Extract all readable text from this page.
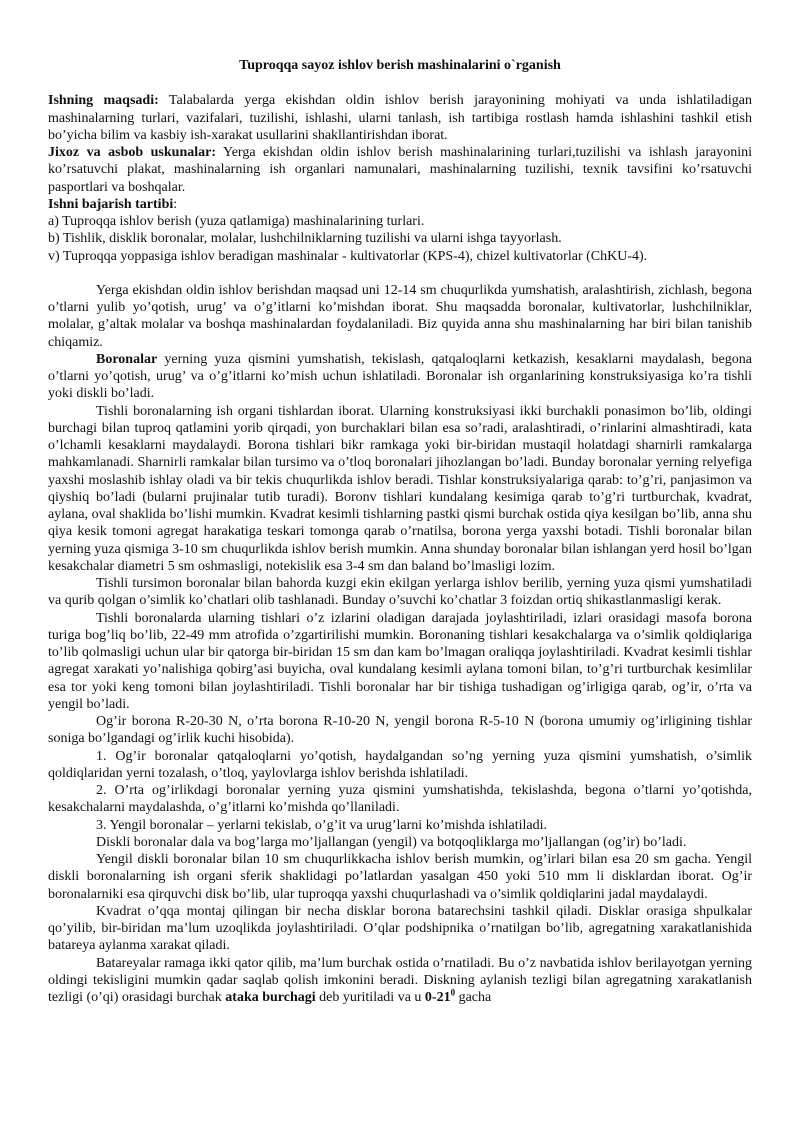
Tuproqqa sayoz ishlov berish mashinalarini o`rganish

Ishning maqsadi: Talabalarda yerga ekishdan oldin ishlov berish jarayonining mohiyati va unda ishlatiladigan mashinalarning turlari, vazifalari, tuzilishi, ishlashi, ularni tanlash, ish tartibiga rostlash hamda ishlashini tashkil etish bo’yicha bilim va kasbiy ish-xarakat usullarini shakllantirishdan iborat.

Jixoz va asbob uskunalar: Yerga ekishdan oldin ishlov berish mashinalarining turlari,tuzilishi va ishlash jarayonini ko’rsatuvchi plakat, mashinalarning ish organlari namunalari, mashinalarning tuzilishi, texnik tavsifini ko’rsatuvchi pasportlari va boshqalar.

Ishni bajarish tartibi:

a) Tuproqqa ishlov berish (yuza qatlamiga) mashinalarining turlari.
b) Tishlik, disklik boronalar, molalar, lushchilniklarning tuzilishi va ularni ishga tayyorlash.
v) Tuproqqa yoppasiga ishlov beradigan mashinalar - kultivatorlar (KPS-4), chizel kultivatorlar (ChKU-4).

Yerga ekishdan oldin ishlov berishdan maqsad uni 12-14 sm chuqurlikda yumshatish, aralashtirish, zichlash, begona o’tlarni yulib yo’qotish, urug’ va o’g’itlarni ko’mishdan iborat. Shu maqsadda boronalar, kultivatorlar, lushchilniklar, molalar, g’altak molalar va boshqa mashinalardan foydalaniladi. Biz quyida anna shu mashinalarning har biri bilan tanishib chiqamiz.

Boronalar yerning yuza qismini yumshatish, tekislash, qatqaloqlarni ketkazish, kesaklarni maydalash, begona o’tlarni yo’qotish, urug’ va o’g’itlarni ko’mish uchun ishlatiladi. Boronalar ish organlarining konstruksiyasiga ko’ra tishli yoki diskli bo’ladi.

Tishli boronalarning ish organi tishlardan iborat. Ularning konstruksiyasi ikki burchakli ponasimon bo’lib, oldingi burchagi bilan tuproq qatlamini yorib qirqadi, yon burchaklari bilan esa so’radi, aralashtiradi, o’rinlarini almashtiradi, kata o’lchamli kesaklarni maydalaydi. Borona tishlari bikr ramkaga yoki bir-biridan mustaqil holatdagi sharnirli ramkalarga mahkamlanadi. Sharnirli ramkalar bilan tursimo va o’tloq boronalari jihozlangan bo’ladi. Bunday boronalar yerning relyefiga yaxshi moslashib ishlay oladi va bir tekis chuqurlikda ishlov beradi. Tishlar konstruksiyalariga qarab: to’g’ri, panjasimon va qiyshiq bo’ladi (bularni prujinalar tutib turadi). Boronv tishlari kundalang kesimiga qarab to’g’ri turtburchak, kvadrat, aylana, oval shaklida bo’lishi mumkin. Kvadrat kesimli tishlarning pastki qismi burchak ostida qiya kesilgan bo’lib, anna shu qiya kesik tomoni agregat harakatiga teskari tomonga qarab o’rnatilsa, borona yerga yaxshi botadi. Tishli boronalar bilan yerning yuza qismiga 3-10 sm chuqurlikda ishlov berish mumkin. Anna shunday boronalar bilan ishlangan yerd hosil bo’lgan kesakchalar diametri 5 sm oshmasligi, notekislik esa 3-4 sm dan baland bo’lmasligi lozim.

Tishli tursimon boronalar bilan bahorda kuzgi ekin ekilgan yerlarga ishlov berilib, yerning yuza qismi yumshatiladi va qurib qolgan o’simlik ko’chatlari olib tashlanadi. Bunday o’suvchi ko’chatlar 3 foizdan ortiq shikastlanmasligi kerak.

Tishli boronalarda ularning tishlari o’z izlarini oladigan darajada joylashtiriladi, izlari orasidagi masofa borona turiga bog’liq bo’lib, 22-49 mm atrofida o’zgartirilishi mumkin. Boronaning tishlari kesakchalarga va o’simlik qoldiqlariga to’lib qolmasligi uchun ular bir qatorga bir-biridan 15 sm dan kam bo’lmagan oraliqqa joylashtiriladi. Kvadrat kesimli tishlar agregat xarakati yo’nalishiga qobirg’asi buyicha, oval kundalang kesimli aylana tomoni bilan, to’g’ri turtburchak kesimlilar esa tor yoki keng tomoni bilan joylashtiriladi. Tishli boronalar har bir tishiga tushadigan og’irligiga qarab, og’ir, o’rta va yengil bo’ladi.

Og’ir borona R-20-30 N, o’rta borona R-10-20 N, yengil borona R-5-10 N (borona umumiy og’irligining tishlar soniga bo’lgandagi og’irlik kuchi hisobida).

1. Og’ir boronalar qatqaloqlarni yo’qotish, haydalgandan so’ng yerning yuza qismini yumshatish, o’simlik qoldiqlaridan yerni tozalash, o’tloq, yaylovlarga ishlov berishda ishlatiladi.

2. O’rta og’irlikdagi boronalar yerning yuza qismini yumshatishda, tekislashda, begona o’tlarni yo’qotishda, kesakchalarni maydalashda, o’g’itlarni ko’mishda qo’llaniladi.

3. Yengil boronalar – yerlarni tekislab, o’g’it va urug’larni ko’mishda ishlatiladi.

Diskli boronalar dala va bog’larga mo’ljallangan (yengil) va botqoqliklarga mo’ljallangan (og’ir) bo’ladi.

Yengil diskli boronalar bilan 10 sm chuqurlikkacha ishlov berish mumkin, og’irlari bilan esa 20 sm gacha. Yengil diskli boronalarning ish organi sferik shaklidagi po’latlardan yasalgan 450 yoki 510 mm li disklardan iborat. Og’ir boronalarniki esa qirquvchi disk bo’lib, ular tuproqqa yaxshi chuqurlashadi va o’simlik qoldiqlarini jadal maydalaydi.

Kvadrat o’qqa montaj qilingan bir necha disklar borona batarechsini tashkil qiladi. Disklar orasiga shpulkalar qo’yilib, bir-biridan ma’lum uzoqlikda joylashtiriladi. O’qlar podshipnika o’rnatilgan bo’lib, agregatning xarakatlanishida batareya aylanma xarakat qiladi.

Batareyalar ramaga ikki qator qilib, ma’lum burchak ostida o’rnatiladi. Bu o’z navbatida ishlov berilayotgan yerning oldingi tekisligini mumkin qadar saqlab qolish imkonini beradi. Diskning aylanish tezligi bilan agregatning xarakatlanish tezligi (o’qi) orasidagi burchak ataka burchagi deb yuritiladi va u $0-21^0$ gacha
